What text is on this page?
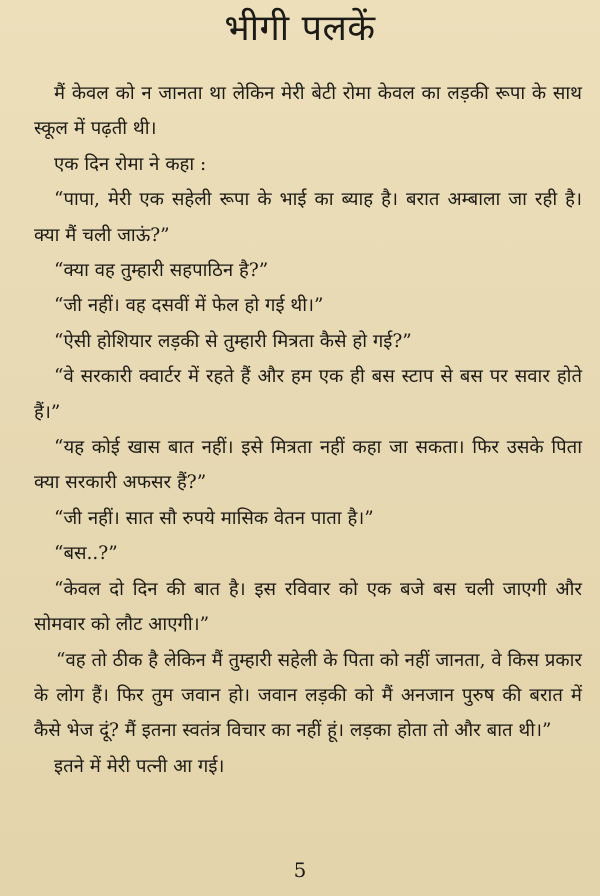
भीगी पलकें

मैं केवल को न जानता था लेकिन मेरी बेटी रोमा केवल का लड़की रूपा के साथ स्कूल में पढ़ती थी।

एक दिन रोमा ने कहा :

“पापा, मेरी एक सहेली रूपा के भाई का ब्याह है। बरात अम्बाला जा रही है। क्या मैं चली जाऊं?”

“क्या वह तुम्हारी सहपाठिन है?”

“जी नहीं। वह दसवीं में फेल हो गई थी।”

“ऐसी होशियार लड़की से तुम्हारी मित्रता कैसे हो गई?”

“वे सरकारी क्वार्टर में रहते हैं और हम एक ही बस स्टाप से बस पर सवार होते हैं।”

“यह कोई खास बात नहीं। इसे मित्रता नहीं कहा जा सकता। फिर उसके पिता क्या सरकारी अफसर हैं?”

“जी नहीं। सात सौ रुपये मासिक वेतन पाता है।”

“बस..?”

“केवल दो दिन की बात है। इस रविवार को एक बजे बस चली जाएगी और सोमवार को लौट आएगी।”

“वह तो ठीक है लेकिन मैं तुम्हारी सहेली के पिता को नहीं जानता, वे किस प्रकार के लोग हैं। फिर तुम जवान हो। जवान लड़की को मैं अनजान पुरुष की बरात में कैसे भेज दूं? मैं इतना स्वतंत्र विचार का नहीं हूं। लड़का होता तो और बात थी।”

इतने में मेरी पत्नी आ गई।

5
